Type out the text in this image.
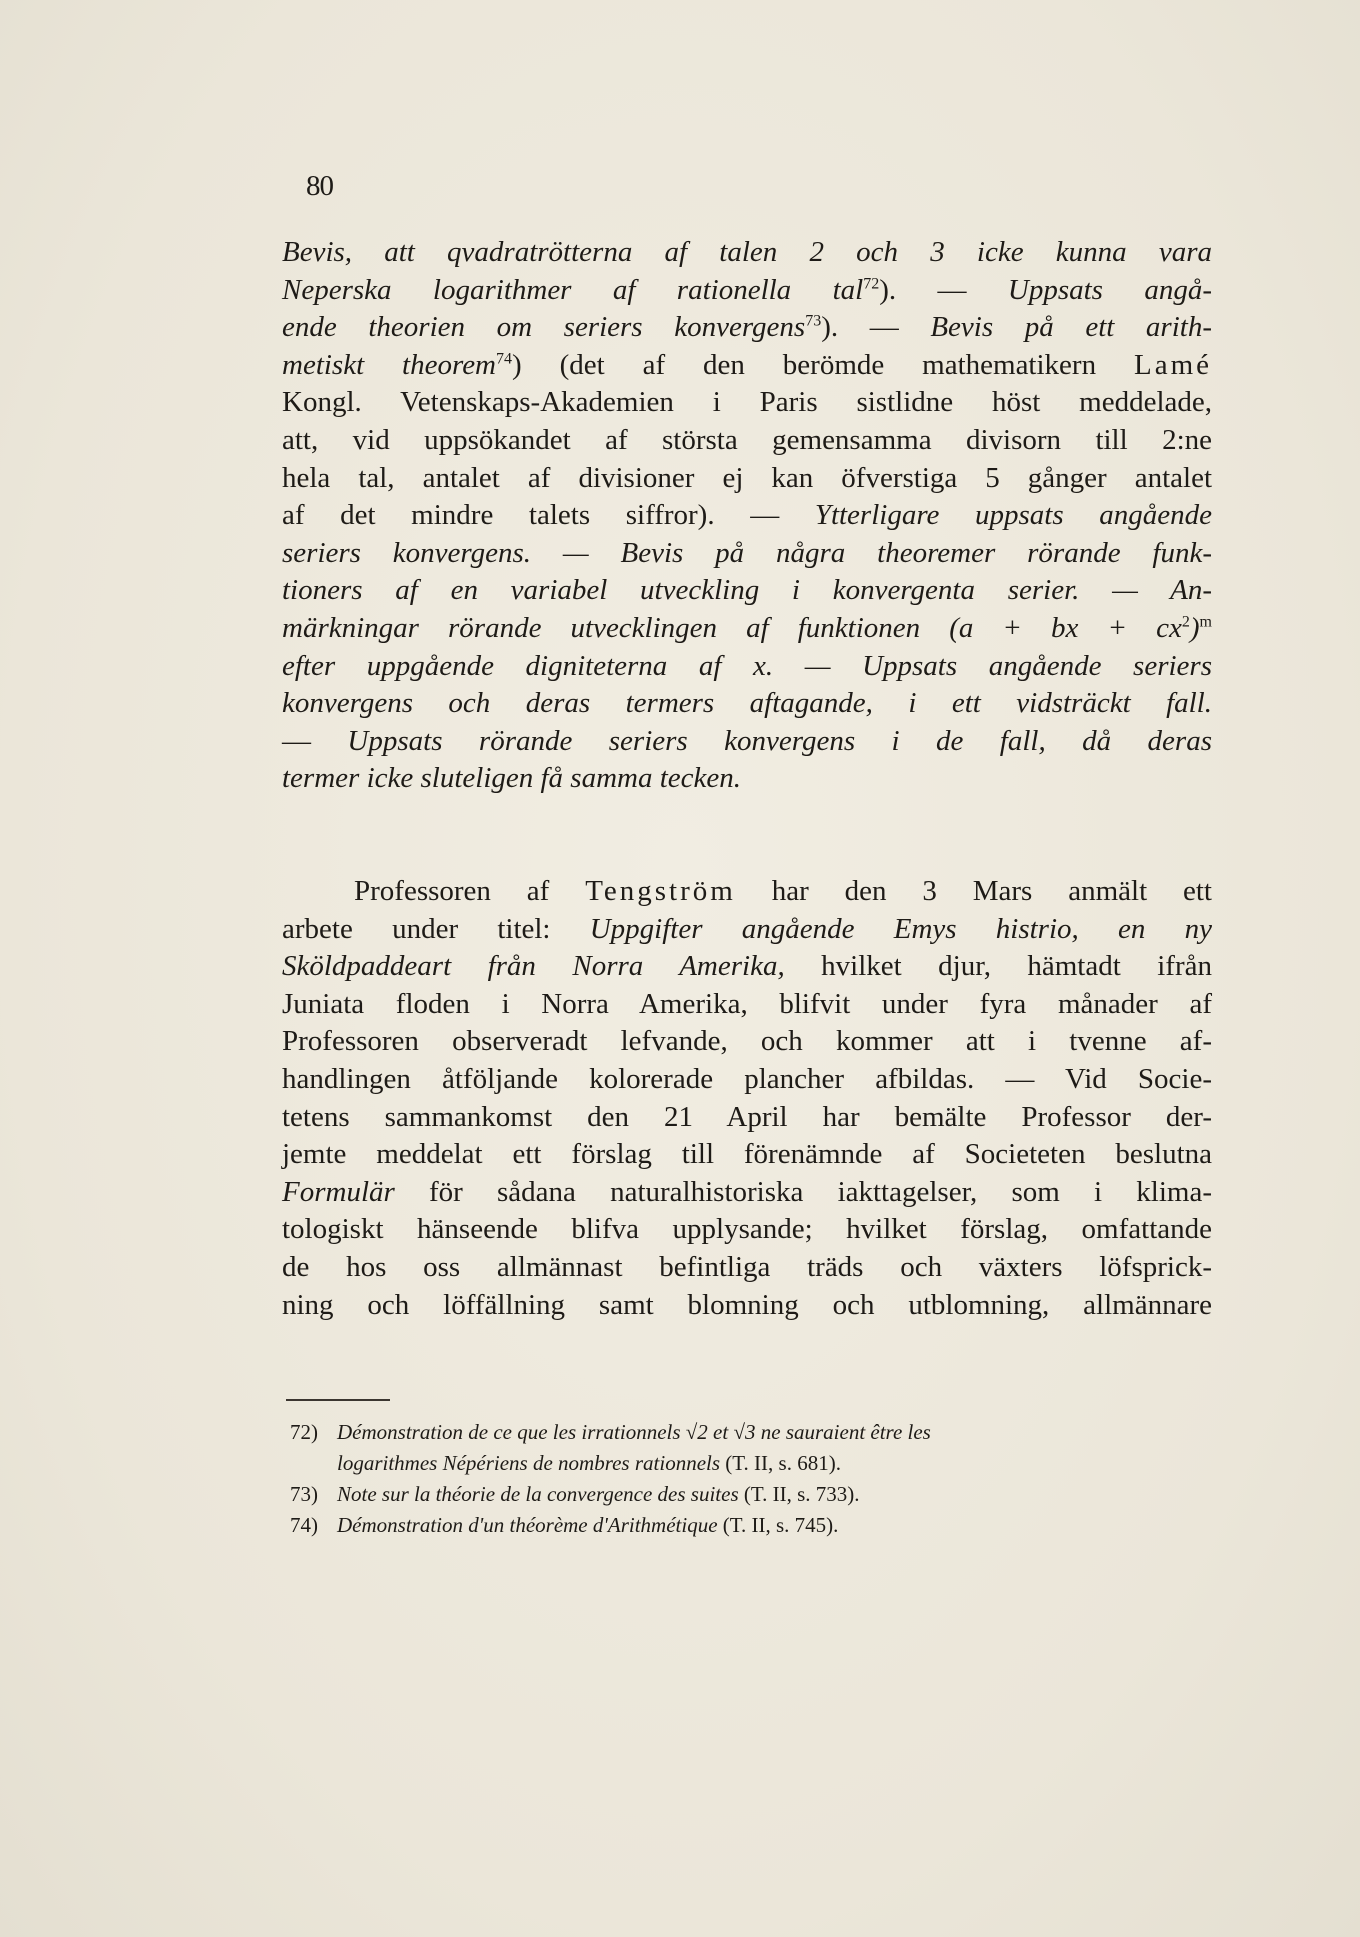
80
Bevis, att qvadratrötterna af talen 2 och 3 icke kunna vara
Neperska logarithmer af rationella tal$^{72}$). — Uppsats angå-
ende theorien om seriers konvergens$^{73}$). — Bevis på ett arith-
metiskt theorem$^{74}$) (det af den berömde mathematikern Lamé
Kongl. Vetenskaps-Akademien i Paris sistlidne höst meddelade,
att, vid uppsökandet af största gemensamma divisorn till 2:ne
hela tal, antalet af divisioner ej kan öfverstiga 5 gånger antalet
af det mindre talets siffror). — Ytterligare uppsats angående
seriers konvergens. — Bevis på några theoremer rörande funk-
tioners af en variabel utveckling i konvergenta serier. — An-
märkningar rörande utvecklingen af funktionen (a + bx + $cx^2)^m$
efter uppgående digniteterna af x. — Uppsats angående seriers
konvergens och deras termers aftagande, i ett vidsträckt fall.
— Uppsats rörande seriers konvergens i de fall, då deras
termer icke sluteligen få samma tecken.
Professoren af Tengström har den 3 Mars anmält ett
arbete under titel: Uppgifter angående Emys histrio, en ny
Sköldpaddeart från Norra Amerika, hvilket djur, hämtadt ifrån
Juniata floden i Norra Amerika, blifvit under fyra månader af
Professoren observeradt lefvande, och kommer att i tvenne af-
handlingen åtföljande kolorerade plancher afbildas. — Vid Socie-
tetens sammankomst den 21 April har bemälte Professor der-
jemte meddelat ett förslag till förenämnde af Societeten beslutna
Formulär för sådana naturalhistoriska iakttagelser, som i klima-
tologiskt hänseende blifva upplysande; hvilket förslag, omfattande
de hos oss allmännast befintliga träds och växters löfsprick-
ning och löffällning samt blomning och utblomning, allmännare
72) Démonstration de ce que les irrationnels √2 et √3 ne sauraient être les
logarithmes Népériens de nombres rationnels (T. II, s. 681).
73) Note sur la théorie de la convergence des suites (T. II, s. 733).
74) Démonstration d'un théorème d'Arithmétique (T. II, s. 745).
